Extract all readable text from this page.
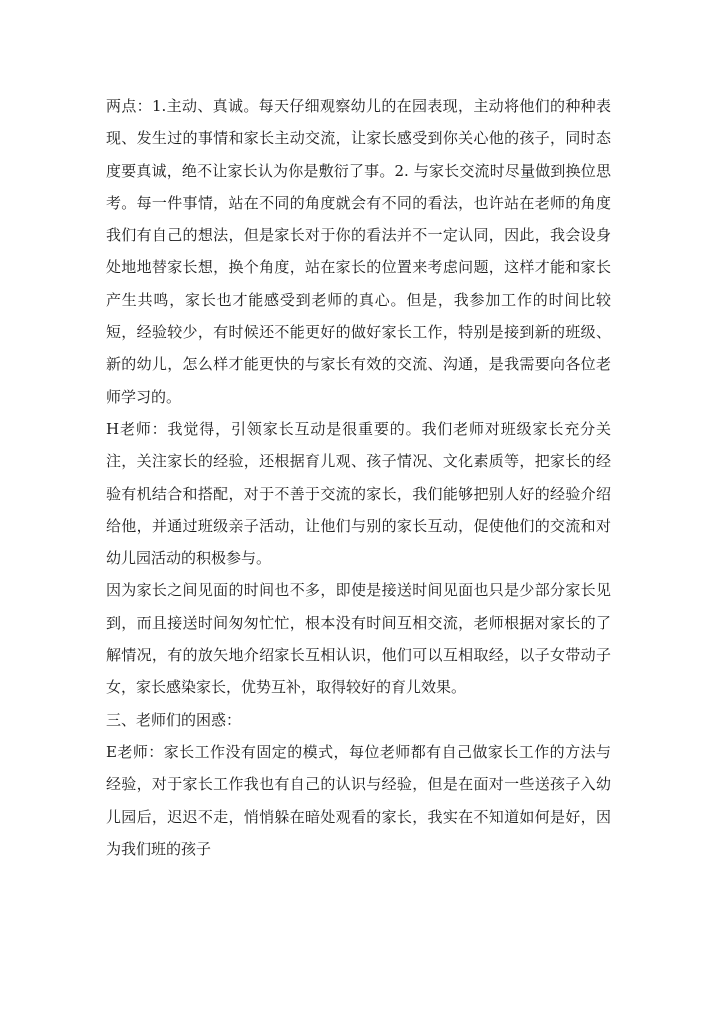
两点：1.主动、真诚。每天仔细观察幼儿的在园表现，主动将他们的种种表现、发生过的事情和家长主动交流，让家长感受到你关心他的孩子，同时态度要真诚，绝不让家长认为你是敷衍了事。2. 与家长交流时尽量做到换位思考。每一件事情，站在不同的角度就会有不同的看法，也许站在老师的角度我们有自己的想法，但是家长对于你的看法并不一定认同，因此，我会设身处地地替家长想，换个角度，站在家长的位置来考虑问题，这样才能和家长产生共鸣，家长也才能感受到老师的真心。但是，我参加工作的时间比较短，经验较少，有时候还不能更好的做好家长工作，特别是接到新的班级、新的幼儿，怎么样才能更快的与家长有效的交流、沟通，是我需要向各位老师学习的。

H老师：我觉得，引领家长互动是很重要的。我们老师对班级家长充分关注，关注家长的经验，还根据育儿观、孩子情况、文化素质等，把家长的经验有机结合和搭配，对于不善于交流的家长，我们能够把别人好的经验介绍给他，并通过班级亲子活动，让他们与别的家长互动，促使他们的交流和对幼儿园活动的积极参与。

因为家长之间见面的时间也不多，即使是接送时间见面也只是少部分家长见到，而且接送时间匆匆忙忙，根本没有时间互相交流，老师根据对家长的了解情况，有的放矢地介绍家长互相认识，他们可以互相取经，以子女带动子女，家长感染家长，优势互补，取得较好的育儿效果。

三、老师们的困惑：

E老师：家长工作没有固定的模式，每位老师都有自己做家长工作的方法与经验，对于家长工作我也有自己的认识与经验，但是在面对一些送孩子入幼儿园后，迟迟不走，悄悄躲在暗处观看的家长，我实在不知道如何是好，因为我们班的孩子
